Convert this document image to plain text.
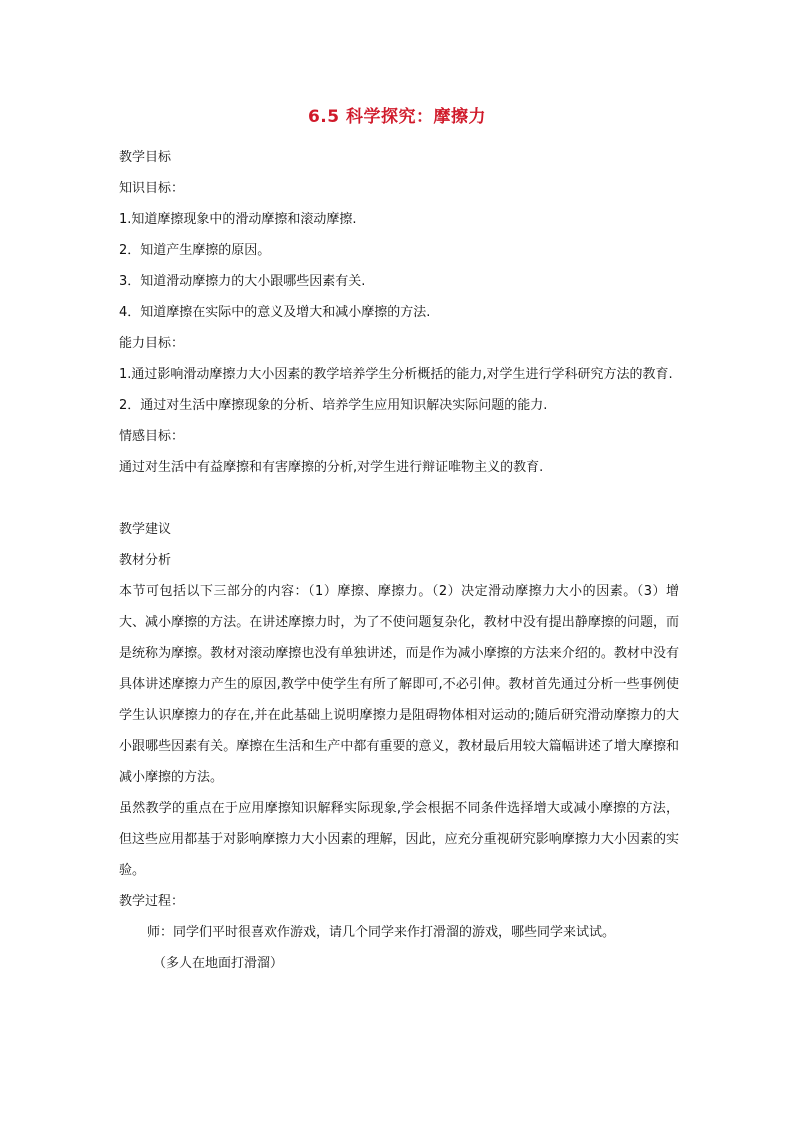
6.5 科学探究：摩擦力
教学目标
知识目标：
1.知道摩擦现象中的滑动摩擦和滚动摩擦.
2．知道产生摩擦的原因。
3．知道滑动摩擦力的大小跟哪些因素有关.
4．知道摩擦在实际中的意义及增大和减小摩擦的方法.
能力目标：
1.通过影响滑动摩擦力大小因素的教学培养学生分析概括的能力,对学生进行学科研究方法的教育.
2．通过对生活中摩擦现象的分析、培养学生应用知识解决实际问题的能力.
情感目标：
通过对生活中有益摩擦和有害摩擦的分析,对学生进行辩证唯物主义的教育.
教学建议
教材分析
本节可包括以下三部分的内容：（1）摩擦、摩擦力。（2）决定滑动摩擦力大小的因素。（3）增大、减小摩擦的方法。在讲述摩擦力时，为了不使问题复杂化，教材中没有提出静摩擦的问题，而是统称为摩擦。教材对滚动摩擦也没有单独讲述，而是作为减小摩擦的方法来介绍的。教材中没有具体讲述摩擦力产生的原因,教学中使学生有所了解即可,不必引伸。教材首先通过分析一些事例使学生认识摩擦力的存在,并在此基础上说明摩擦力是阻碍物体相对运动的;随后研究滑动摩擦力的大小跟哪些因素有关。摩擦在生活和生产中都有重要的意义，教材最后用较大篇幅讲述了增大摩擦和减小摩擦的方法。
虽然教学的重点在于应用摩擦知识解释实际现象,学会根据不同条件选择增大或减小摩擦的方法，但这些应用都基于对影响摩擦力大小因素的理解，因此，应充分重视研究影响摩擦力大小因素的实验。
教学过程：
师：同学们平时很喜欢作游戏，请几个同学来作打滑溜的游戏，哪些同学来试试。
（多人在地面打滑溜）
